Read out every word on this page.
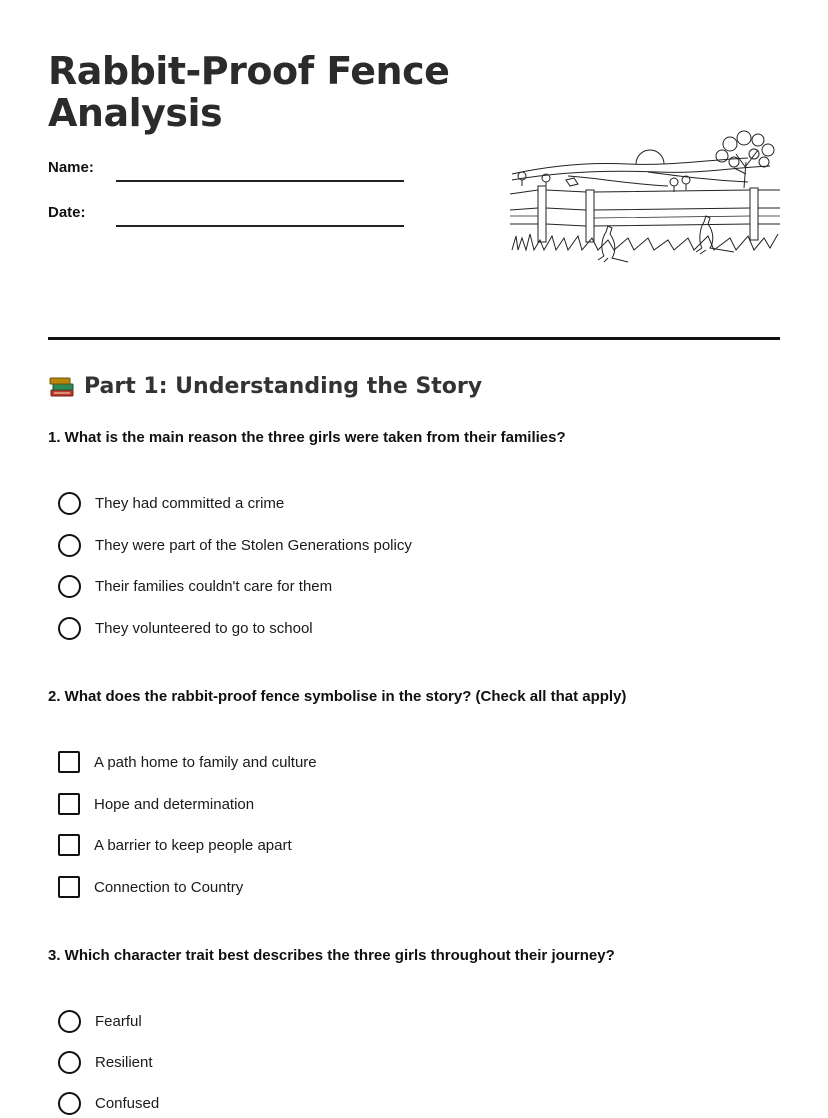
Rabbit-Proof Fence
Analysis
Name:
Date:
Part 1: Understanding the Story
1. What is the main reason the three girls were taken from their families?
They had committed a crime
They were part of the Stolen Generations policy
Their families couldn't care for them
They volunteered to go to school
2. What does the rabbit-proof fence symbolise in the story? (Check all that apply)
A path home to family and culture
Hope and determination
A barrier to keep people apart
Connection to Country
3. Which character trait best describes the three girls throughout their journey?
Fearful
Resilient
Confused
